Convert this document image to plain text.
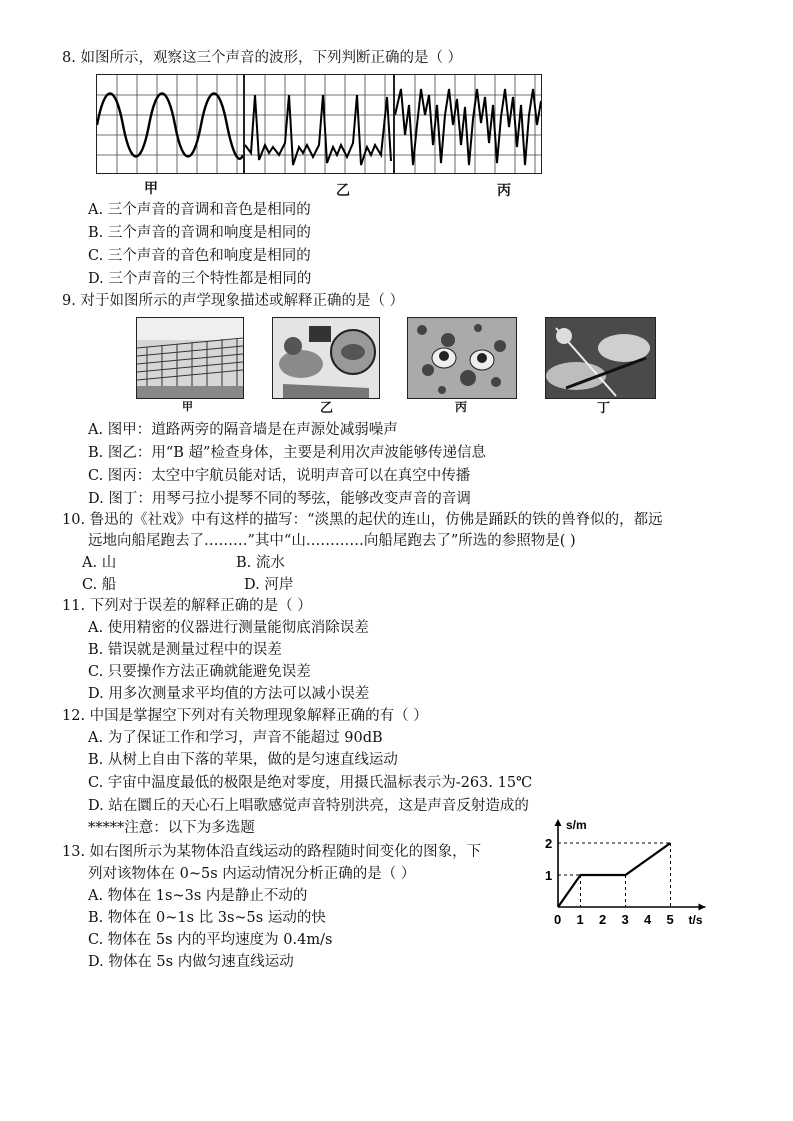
8. 如图所示，观察这三个声音的波形，下列判断正确的是（ ）
甲	乙	丙
A. 三个声音的音调和音色是相同的
B. 三个声音的音调和响度是相同的
C. 三个声音的音色和响度是相同的
D. 三个声音的三个特性都是相同的
9. 对于如图所示的声学现象描述或解释正确的是（ ）
甲	乙	丙	丁
A. 图甲：道路两旁的隔音墙是在声源处减弱噪声
B. 图乙：用“B 超”检查身体，主要是利用次声波能够传递信息
C. 图丙：太空中宇航员能对话，说明声音可以在真空中传播
D. 图丁：用琴弓拉小提琴不同的琴弦，能够改变声音的音调
10. 鲁迅的《社戏》中有这样的描写：“淡黑的起伏的连山，仿佛是踊跃的铁的兽脊似的，都远
远地向船尾跑去了………”其中“山…………向船尾跑去了”所选的参照物是( )
A. 山	B. 流水
C. 船	D. 河岸
11. 下列对于误差的解释正确的是（ ）
A. 使用精密的仪器进行测量能彻底消除误差
B. 错误就是测量过程中的误差
C. 只要操作方法正确就能避免误差
D. 用多次测量求平均值的方法可以减小误差
12. 中国是掌握空下列对有关物理现象解释正确的有（ ）
A. 为了保证工作和学习，声音不能超过 90dB
B. 从树上自由下落的苹果，做的是匀速直线运动
C. 宇宙中温度最低的极限是绝对零度，用摄氏温标表示为-263. 15℃
D. 站在圜丘的天心石上唱歌感觉声音特别洪亮，这是声音反射造成的
*****注意：以下为多选题
13. 如右图所示为某物体沿直线运动的路程随时间变化的图象，下
列对该物体在 0~5s 内运动情况分析正确的是（ ）
A. 物体在 1s~3s 内是静止不动的
B. 物体在 0~1s 比 3s~5s 运动的快
C. 物体在 5s 内的平均速度为 0.4m/s
D. 物体在 5s 内做匀速直线运动
s/m
t/s
0 1 2 3 4 5
1
2
